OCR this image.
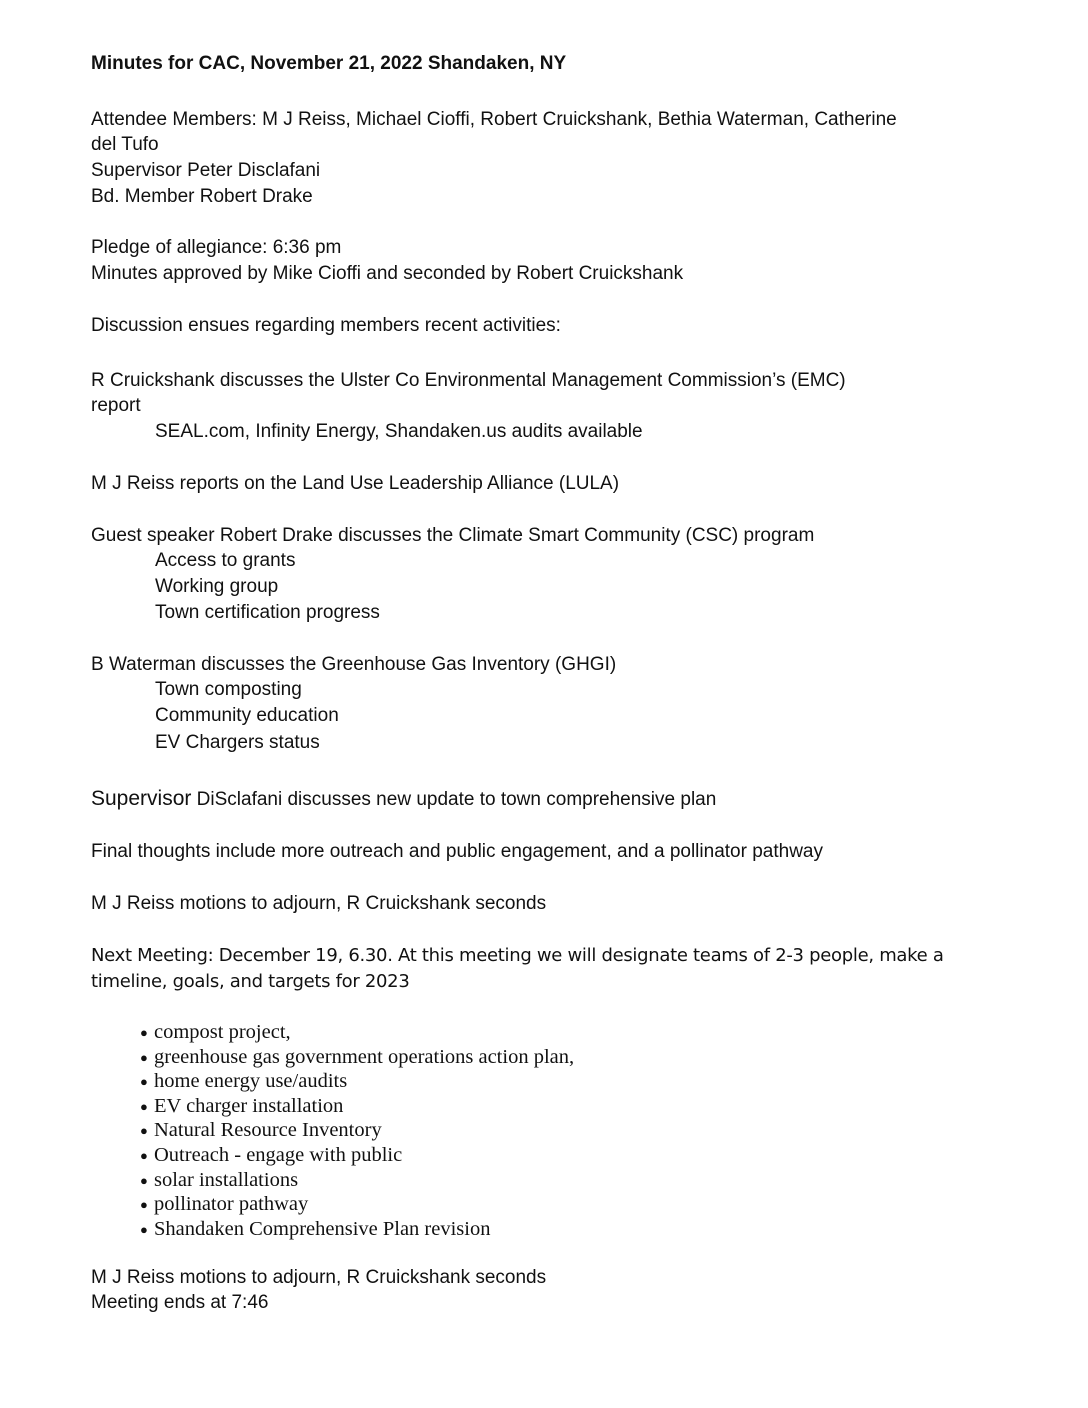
Minutes for CAC, November 21, 2022 Shandaken, NY
Attendee Members: M J Reiss, Michael Cioffi, Robert Cruickshank, Bethia Waterman, Catherine
del Tufo
Supervisor Peter Disclafani
Bd. Member Robert Drake
Pledge of allegiance: 6:36 pm
Minutes approved by Mike Cioffi and seconded by Robert Cruickshank
Discussion ensues regarding members recent activities:
R Cruickshank discusses the Ulster Co Environmental Management Commission’s (EMC)
report
SEAL.com, Infinity Energy, Shandaken.us audits available
M J Reiss reports on the Land Use Leadership Alliance (LULA)
Guest speaker Robert Drake discusses the Climate Smart Community (CSC) program
Access to grants
Working group
Town certification progress
B Waterman discusses the Greenhouse Gas Inventory (GHGI)
Town composting
Community education
EV Chargers status
Supervisor DiSclafani discusses new update to town comprehensive plan
Final thoughts include more outreach and public engagement, and a pollinator pathway
M J Reiss motions to adjourn, R Cruickshank seconds
Next Meeting: December 19, 6.30. At this meeting we will designate teams of 2-3 people, make a
timeline, goals, and targets for 2023
● compost project,
● greenhouse gas government operations action plan,
● home energy use/audits
● EV charger installation
● Natural Resource Inventory
● Outreach - engage with public
● solar installations
● pollinator pathway
● Shandaken Comprehensive Plan revision
M J Reiss motions to adjourn, R Cruickshank seconds
Meeting ends at 7:46
